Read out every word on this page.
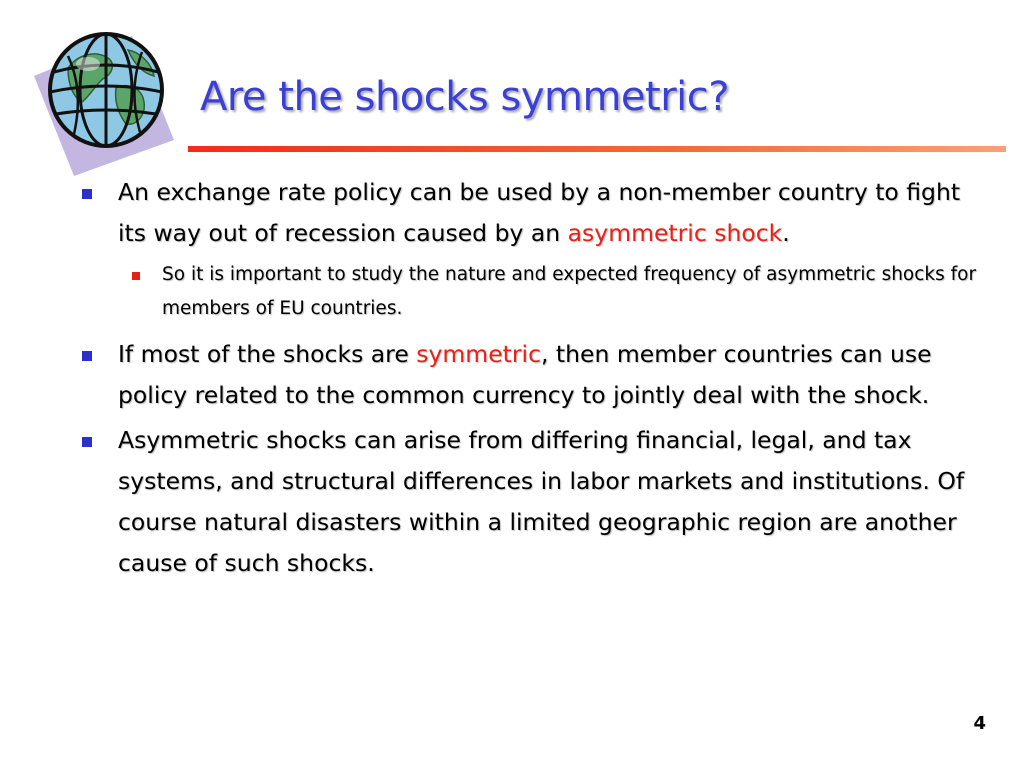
Are the shocks symmetric?
An exchange rate policy can be used by a non-member country to fight its way out of recession caused by an asymmetric shock.
So it is important to study the nature and expected frequency of asymmetric shocks for members of EU countries.
If most of the shocks are symmetric, then member countries can use policy related to the common currency to jointly deal with the shock.
Asymmetric shocks can arise from differing financial, legal, and tax systems, and structural differences in labor markets and institutions. Of course natural disasters within a limited geographic region are another cause of such shocks.
4
